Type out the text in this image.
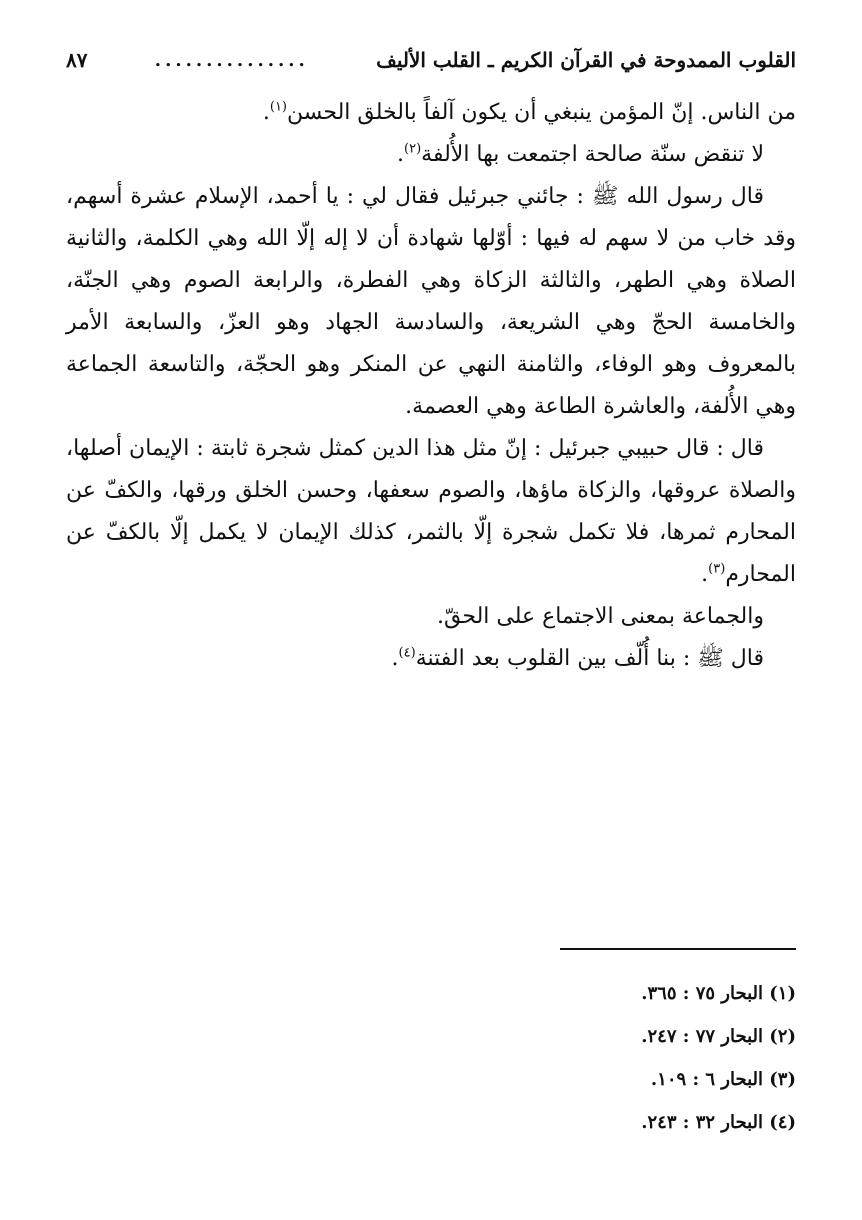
القلوب الممدوحة في القرآن الكريم ـ القلب الأليف
...............
٨٧

من الناس. إنّ المؤمن ينبغي أن يكون آلفاً بالخلق الحسن$^{(١)}$.

لا تنقض سنّة صالحة اجتمعت بها الأُلفة$^{(٢)}$.

قال رسول الله ﷺ : جائني جبرئيل فقال لي : يا أحمد، الإسلام عشرة أسهم، وقد خاب من لا سهم له فيها : أوّلها شهادة أن لا إله إلّا الله وهي الكلمة، والثانية الصلاة وهي الطهر، والثالثة الزكاة وهي الفطرة، والرابعة الصوم وهي الجنّة، والخامسة الحجّ وهي الشريعة، والسادسة الجهاد وهو العزّ، والسابعة الأمر بالمعروف وهو الوفاء، والثامنة النهي عن المنكر وهو الحجّة، والتاسعة الجماعة وهي الأُلفة، والعاشرة الطاعة وهي العصمة.

قال : قال حبيبي جبرئيل : إنّ مثل هذا الدين كمثل شجرة ثابتة : الإيمان أصلها، والصلاة عروقها، والزكاة ماؤها، والصوم سعفها، وحسن الخلق ورقها، والكفّ عن المحارم ثمرها، فلا تكمل شجرة إلّا بالثمر، كذلك الإيمان لا يكمل إلّا بالكفّ عن المحارم$^{(٣)}$.

والجماعة بمعنى الاجتماع على الحقّ.

قال ﷺ : بنا أُلّف بين القلوب بعد الفتنة$^{(٤)}$.

(١) البحار ٧٥ : ٣٦٥.
(٢) البحار ٧٧ : ٢٤٧.
(٣) البحار ٦ : ١٠٩.
(٤) البحار ٣٢ : ٢٤٣.
